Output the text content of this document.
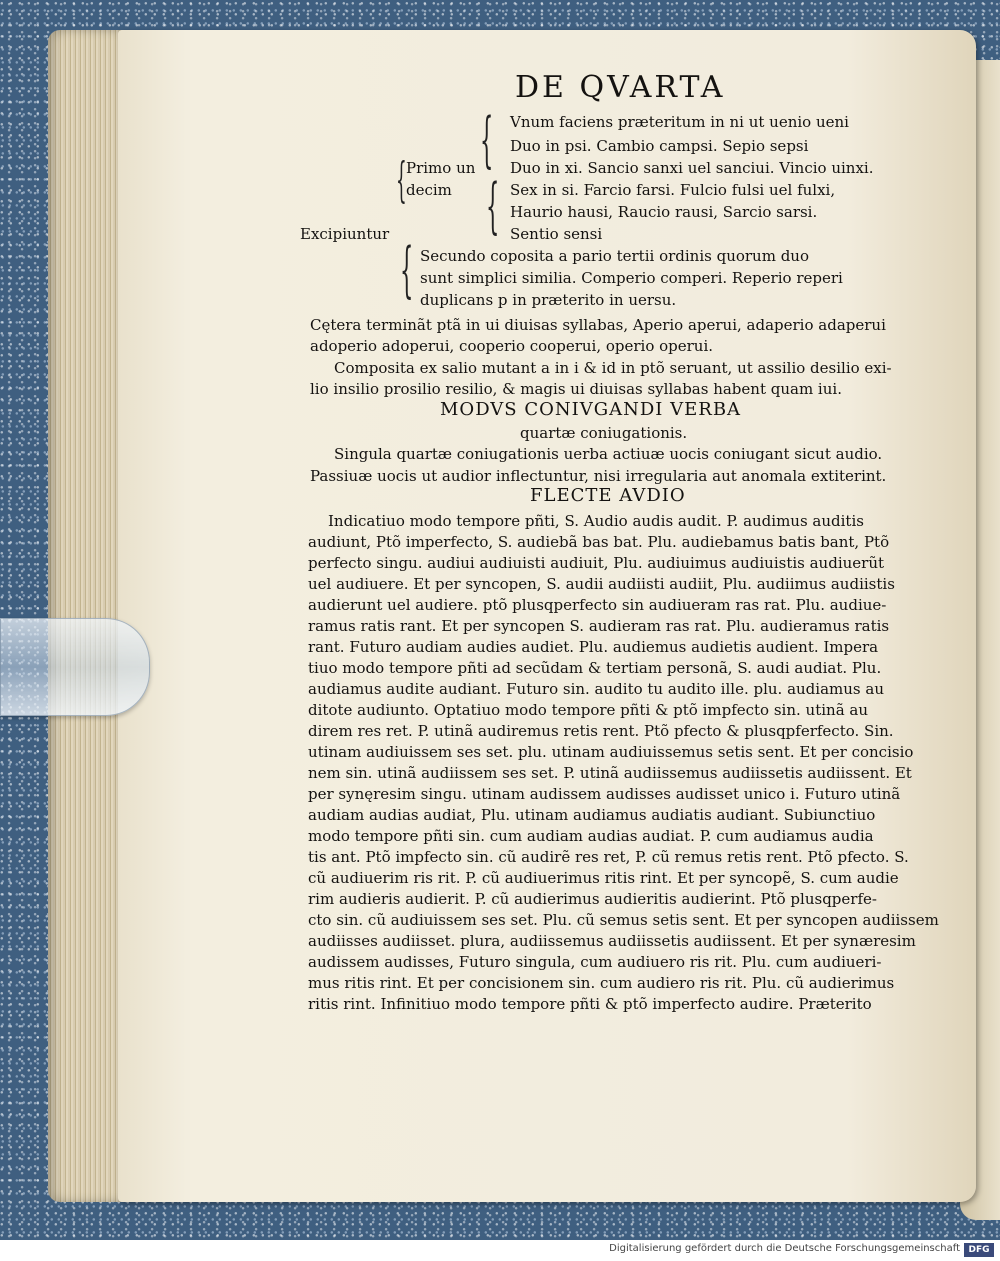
DE QVARTA
{ Vnum faciens præteritum in ni ut uenio ueni
Duo in psi. Cambio campsi. Sepio sepsi
Primo un
decim
{ {
Duo in xi. Sancio sanxi uel sanciui. Vincio uinxi.
Sex in si. Farcio farsi. Fulcio fulsi uel fulxi,
Haurio hausi, Raucio rausi, Sarcio sarsi.
Excipiuntur	Sentio sensi
{ Secundo coposita a pario tertii ordinis quorum duo
sunt simplici similia. Comperio comperi. Reperio reperi
duplicans p in præterito in uersu.
Cętera terminãt ptã in ui diuisas syllabas, Aperio aperui, adaperio adaperui
adoperio adoperui, cooperio cooperui, operio operui.
Composita ex salio mutant a in i & id in ptõ seruant, ut assilio desilio exi-
lio insilio prosilio resilio, & magis ui diuisas syllabas habent quam iui.
MODVS CONIVGANDI VERBA
quartæ coniugationis.
Singula quartæ coniugationis uerba actiuæ uocis coniugant sicut audio.
Passiuæ uocis ut audior inflectuntur, nisi irregularia aut anomala extiterint.
FLECTE AVDIO
Indicatiuo modo tempore pñti, S. Audio audis audit. P. audimus auditis
audiunt, Ptõ imperfecto, S. audiebã bas bat. Plu. audiebamus batis bant, Ptõ
perfecto singu. audiui audiuisti audiuit, Plu. audiuimus audiuistis audiuerũt
uel audiuere. Et per syncopen, S. audii audiisti audiit, Plu. audiimus audiistis
audierunt uel audiere. ptõ plusqperfecto sin audiueram ras rat. Plu. audiue-
ramus ratis rant. Et per syncopen S. audieram ras rat. Plu. audieramus ratis
rant. Futuro audiam audies audiet. Plu. audiemus audietis audient. Impera
tiuo modo tempore pñti ad secũdam & tertiam personã, S. audi audiat. Plu.
audiamus audite audiant. Futuro sin. audito tu audito ille. plu. audiamus au
ditote audiunto. Optatiuo modo tempore pñti & ptõ impfecto sin. utinã au
direm res ret. P. utinã audiremus retis rent. Ptõ pfecto & plusqpferfecto. Sin.
utinam audiuissem ses set. plu. utinam audiuissemus setis sent. Et per concisio
nem sin. utinã audiissem ses set. P. utinã audiissemus audiissetis audiissent. Et
per synęresim singu. utinam audissem audisses audisset unico i. Futuro utinã
audiam audias audiat, Plu. utinam audiamus audiatis audiant. Subiunctiuo
modo tempore pñti sin. cum audiam audias audiat. P. cum audiamus audia
tis ant. Ptõ impfecto sin. cũ audirẽ res ret, P. cũ remus retis rent. Ptõ pfecto. S.
cũ audiuerim ris rit. P. cũ audiuerimus ritis rint. Et per syncopẽ, S. cum audie
rim audieris audierit. P. cũ audierimus audieritis audierint. Ptõ plusqperfe-
cto sin. cũ audiuissem ses set. Plu. cũ semus setis sent. Et per syncopen audiissem
audiisses audiisset. plura, audiissemus audiissetis audiissent. Et per synæresim
audissem audisses, Futuro singula, cum audiuero ris rit. Plu. cum audiueri-
mus ritis rint. Et per concisionem sin. cum audiero ris rit. Plu. cũ audierimus
ritis rint. Infinitiuo modo tempore pñti & ptõ imperfecto audire. Præterito
Digitalisierung gefördert durch die Deutsche Forschungsgemeinschaft DFG
